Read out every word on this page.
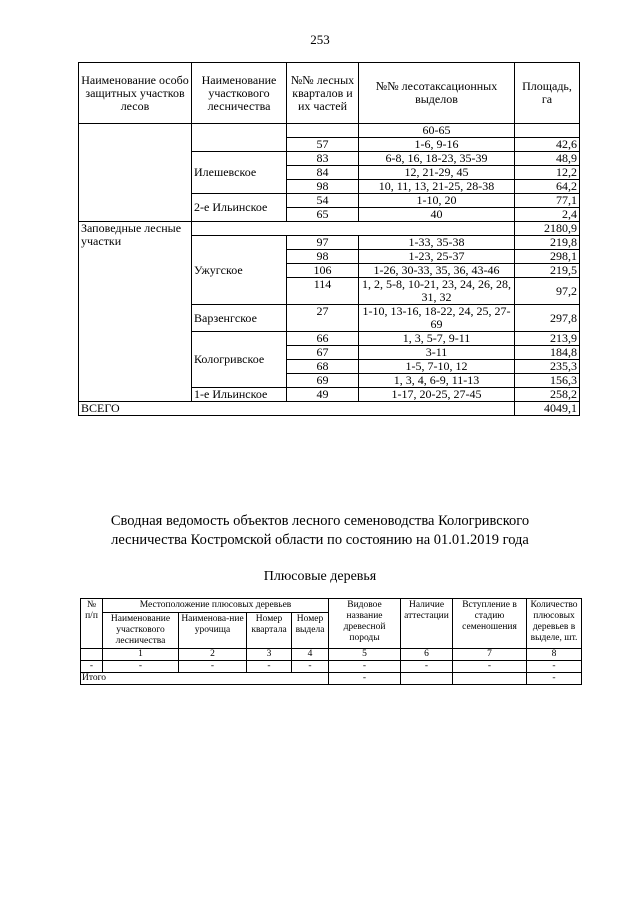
253
Наименование особо защитных участков лесов	Наименование участкового лесничества	№№ лесных кварталов и их частей	№№ лесотаксационных выделов	Площадь, га
			60-65	
		57	1-6, 9-16	42,6
	Илешевское	83	6-8, 16, 18-23, 35-39	48,9
		84	12, 21-29, 45	12,2
		98	10, 11, 13, 21-25, 28-38	64,2
	2-е Ильинское	54	1-10, 20	77,1
		65	40	2,4
Заповедные лесные участки				2180,9
	Ужугское	97	1-33, 35-38	219,8
		98	1-23, 25-37	298,1
		106	1-26, 30-33, 35, 36, 43-46	219,5
		114	1, 2, 5-8, 10-21, 23, 24, 26, 28, 31, 32	97,2
	Варзенгское	27	1-10, 13-16, 18-22, 24, 25, 27-69	297,8
	Кологривское	66	1, 3, 5-7, 9-11	213,9
		67	3-11	184,8
		68	1-5, 7-10, 12	235,3
		69	1, 3, 4, 6-9, 11-13	156,3
	1-е Ильинское	49	1-17, 20-25, 27-45	258,2
ВСЕГО				4049,1
Сводная ведомость объектов лесного семеноводства Кологривского
лесничества Костромской области по состоянию на 01.01.2019 года
Плюсовые деревья
№ п/п	Местоположение плюсовых деревьев				Видовое название древесной породы	Наличие аттестации	Вступление в стадию семеношения	Количество плюсовых деревьев в выделе, шт.
	Наименование участкового лесничества	Наименова-ние урочища	Номер квартала	Номер выдела				
	1	2	3	4	5	6	7	8
-	-	-	-	-	-	-	-	-
Итого					-			-
